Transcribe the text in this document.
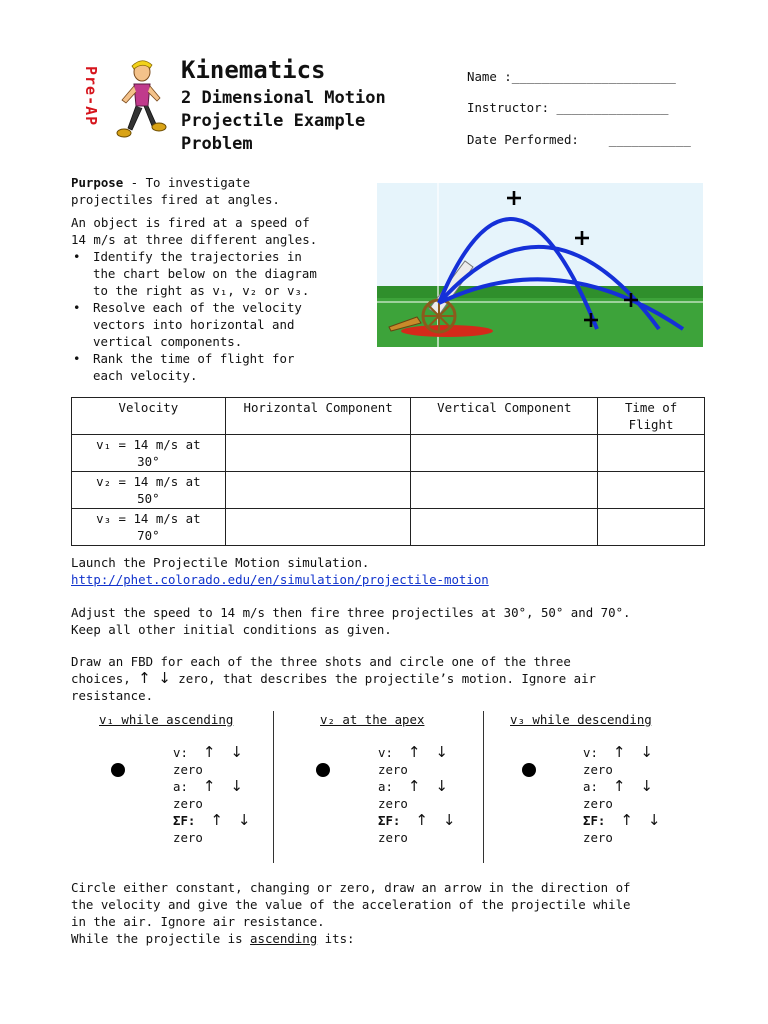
Pre-AP	Kinematics
2 Dimensional Motion
Projectile Example
Problem
Name :______________________
Instructor: _______________
Date Performed: ___________
Purpose - To investigate
projectiles fired at angles.
An object is fired at a speed of
14 m/s at three different angles.
• Identify the trajectories in
the chart below on the diagram
to the right as v₁, v₂ or v₃.
• Resolve each of the velocity
vectors into horizontal and
vertical components.
• Rank the time of flight for
each velocity.
Velocity	Horizontal Component	Vertical Component	Time of Flight

v₁ = 14 m/s at
30°			

v₂ = 14 m/s at
50°			

v₃ = 14 m/s at
70°			

Launch the Projectile Motion simulation.
http://phet.colorado.edu/en/simulation/projectile-motion
Adjust the speed to 14 m/s then fire three projectiles at 30°, 50° and 70°.
Keep all other initial conditions as given.
Draw an FBD for each of the three shots and circle one of the three
choices, ↑ ↓ zero, that describes the projectile’s motion. Ignore air
resistance.
v₁ while ascending
v: ↑ ↓
zero
a: ↑ ↓
zero
ΣF: ↑ ↓
zero
v₂ at the apex
v: ↑ ↓
zero
a: ↑ ↓
zero
ΣF: ↑ ↓
zero
v₃ while descending
v: ↑ ↓
zero
a: ↑ ↓
zero
ΣF: ↑ ↓
zero
Circle either constant, changing or zero, draw an arrow in the direction of
the velocity and give the value of the acceleration of the projectile while
in the air. Ignore air resistance.
While the projectile is ascending its:
